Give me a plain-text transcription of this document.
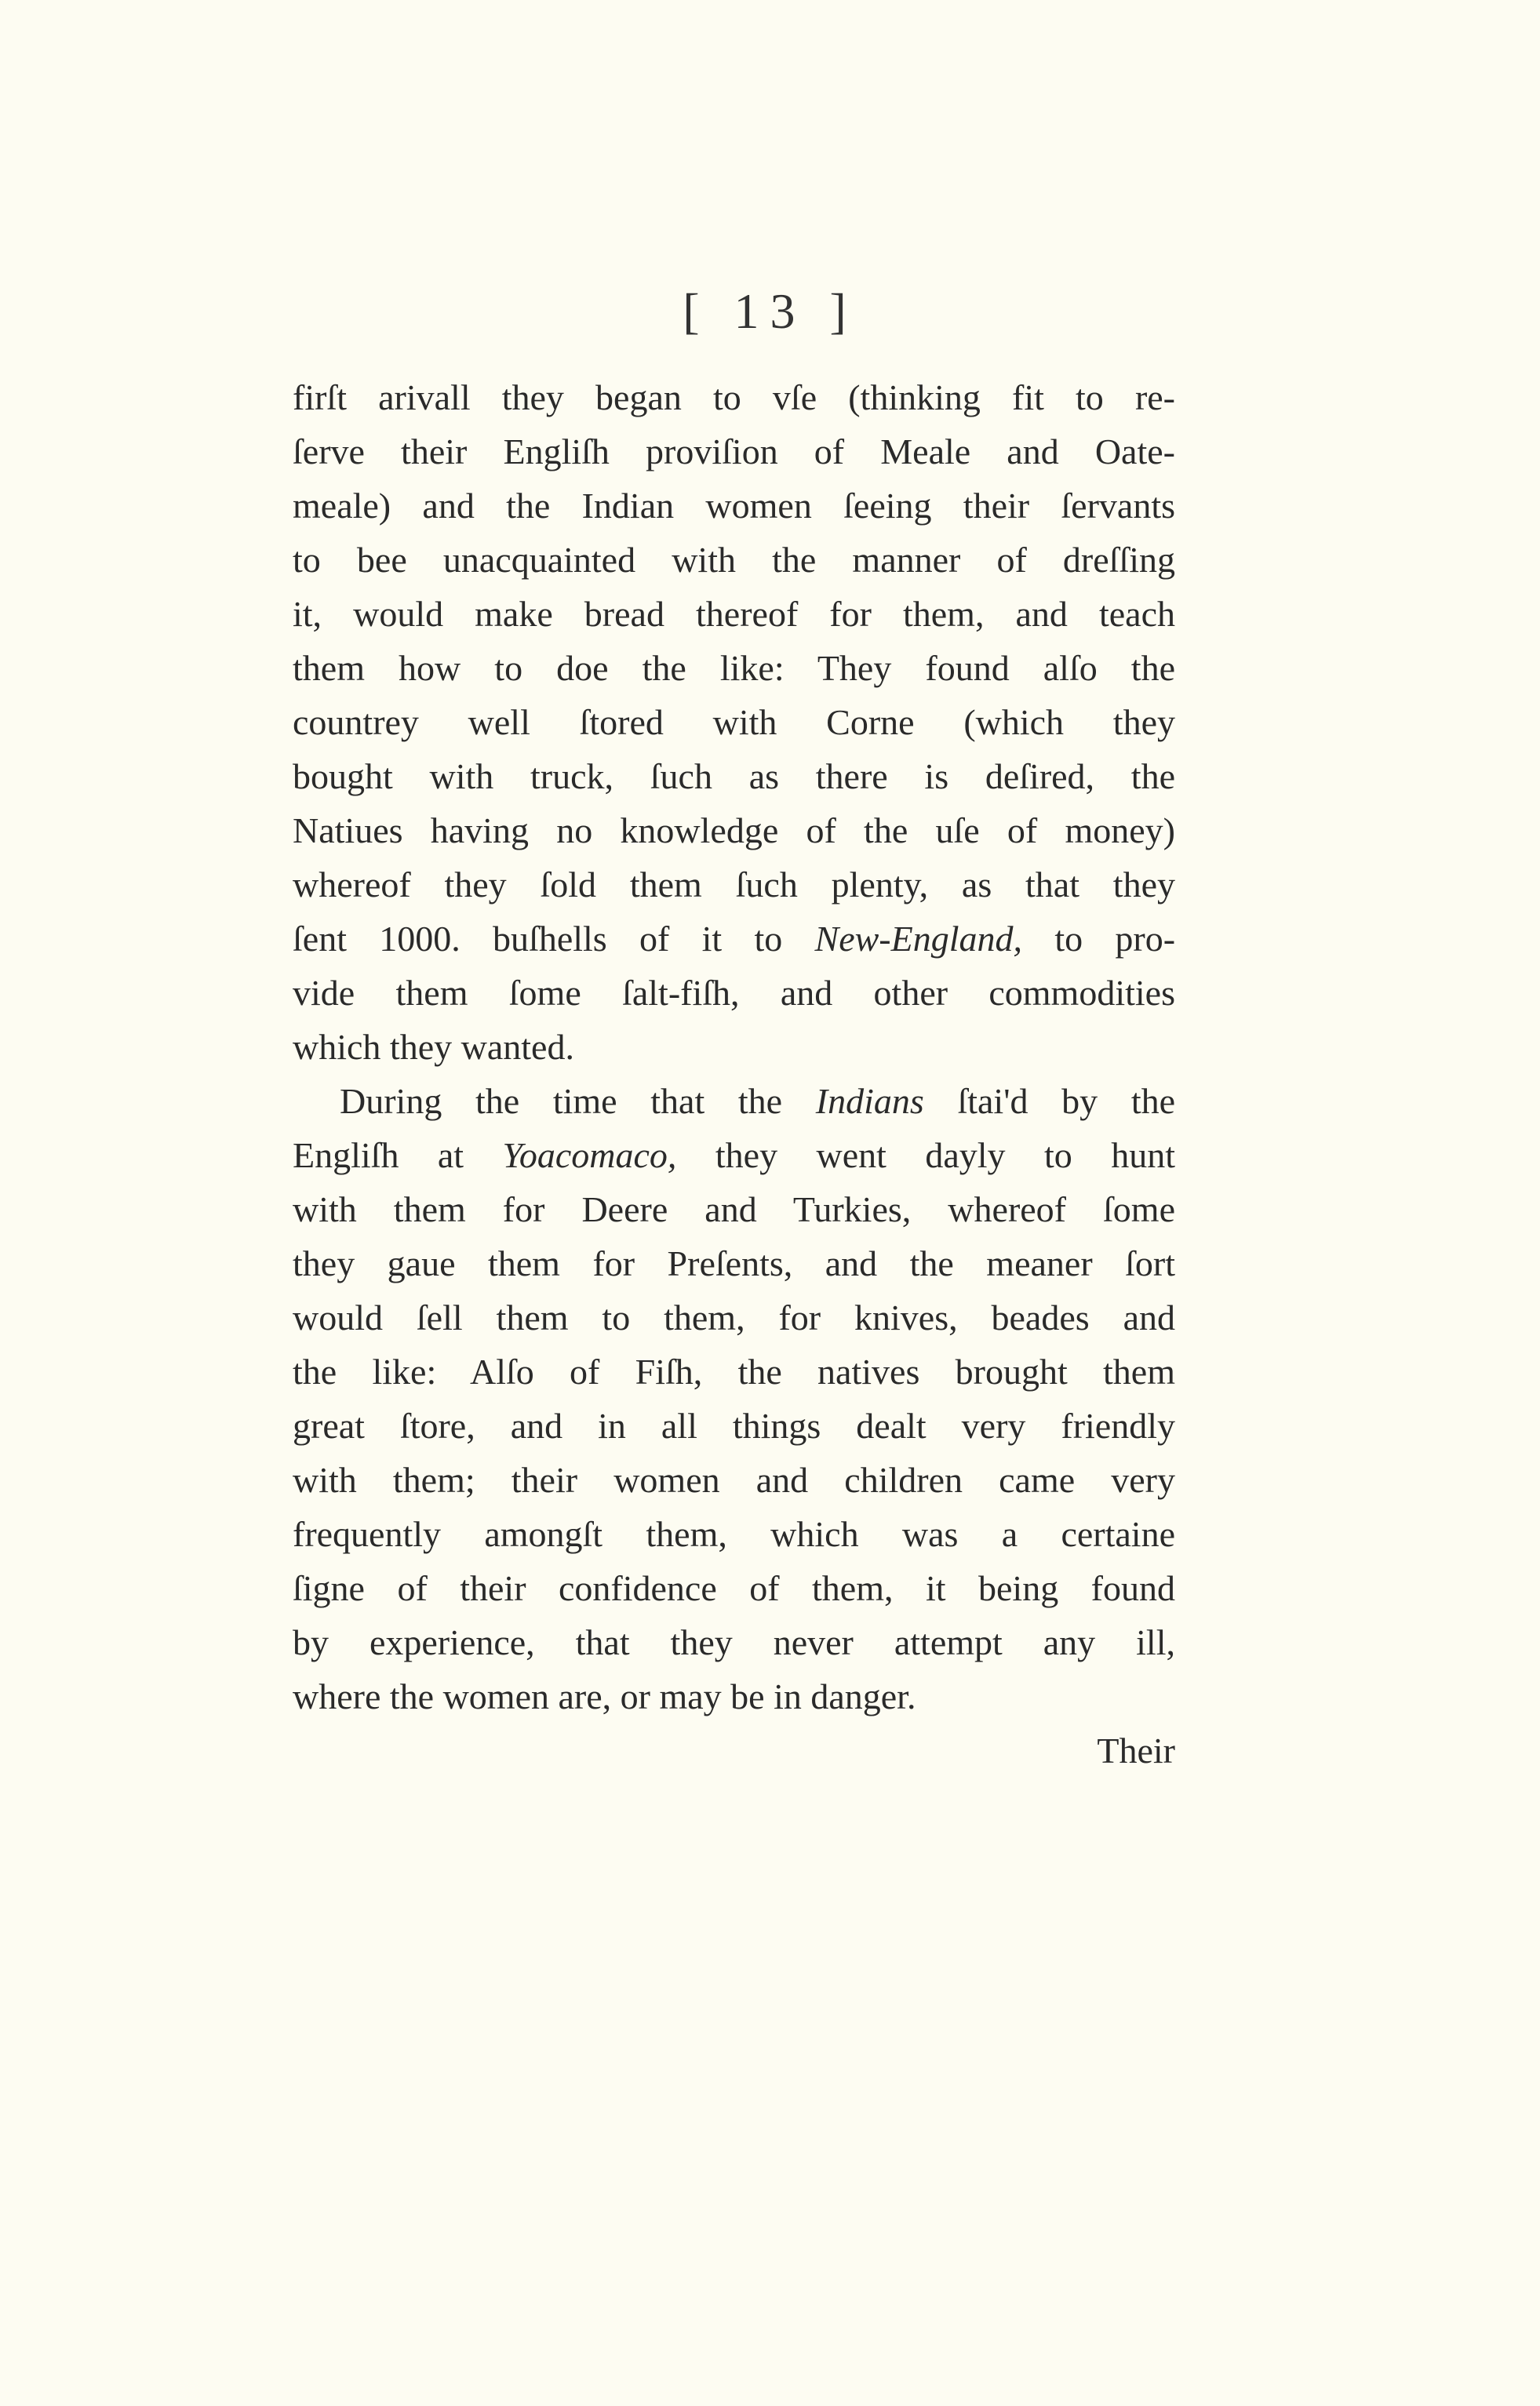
[ 13 ]
firſt arivall they began to vſe (thinking fit to re-
ſerve their Engliſh proviſion of Meale and Oate-
meale) and the Indian women ſeeing their ſervants
to bee unacquainted with the manner of dreſſing
it, would make bread thereof for them, and teach
them how to doe the like: They found alſo the
countrey well ſtored with Corne (which they
bought with truck, ſuch as there is deſired, the
Natiues having no knowledge of the uſe of money)
whereof they ſold them ſuch plenty, as that they
ſent 1000. buſhells of it to New-England, to pro-
vide them ſome ſalt-fiſh, and other commodities
which they wanted.
During the time that the Indians ſtai'd by the
Engliſh at Yoacomaco, they went dayly to hunt
with them for Deere and Turkies, whereof ſome
they gaue them for Preſents, and the meaner ſort
would ſell them to them, for knives, beades and
the like: Alſo of Fiſh, the natives brought them
great ſtore, and in all things dealt very friendly
with them; their women and children came very
frequently amongſt them, which was a certaine
ſigne of their confidence of them, it being found
by experience, that they never attempt any ill,
where the women are, or may be in danger.
Their
